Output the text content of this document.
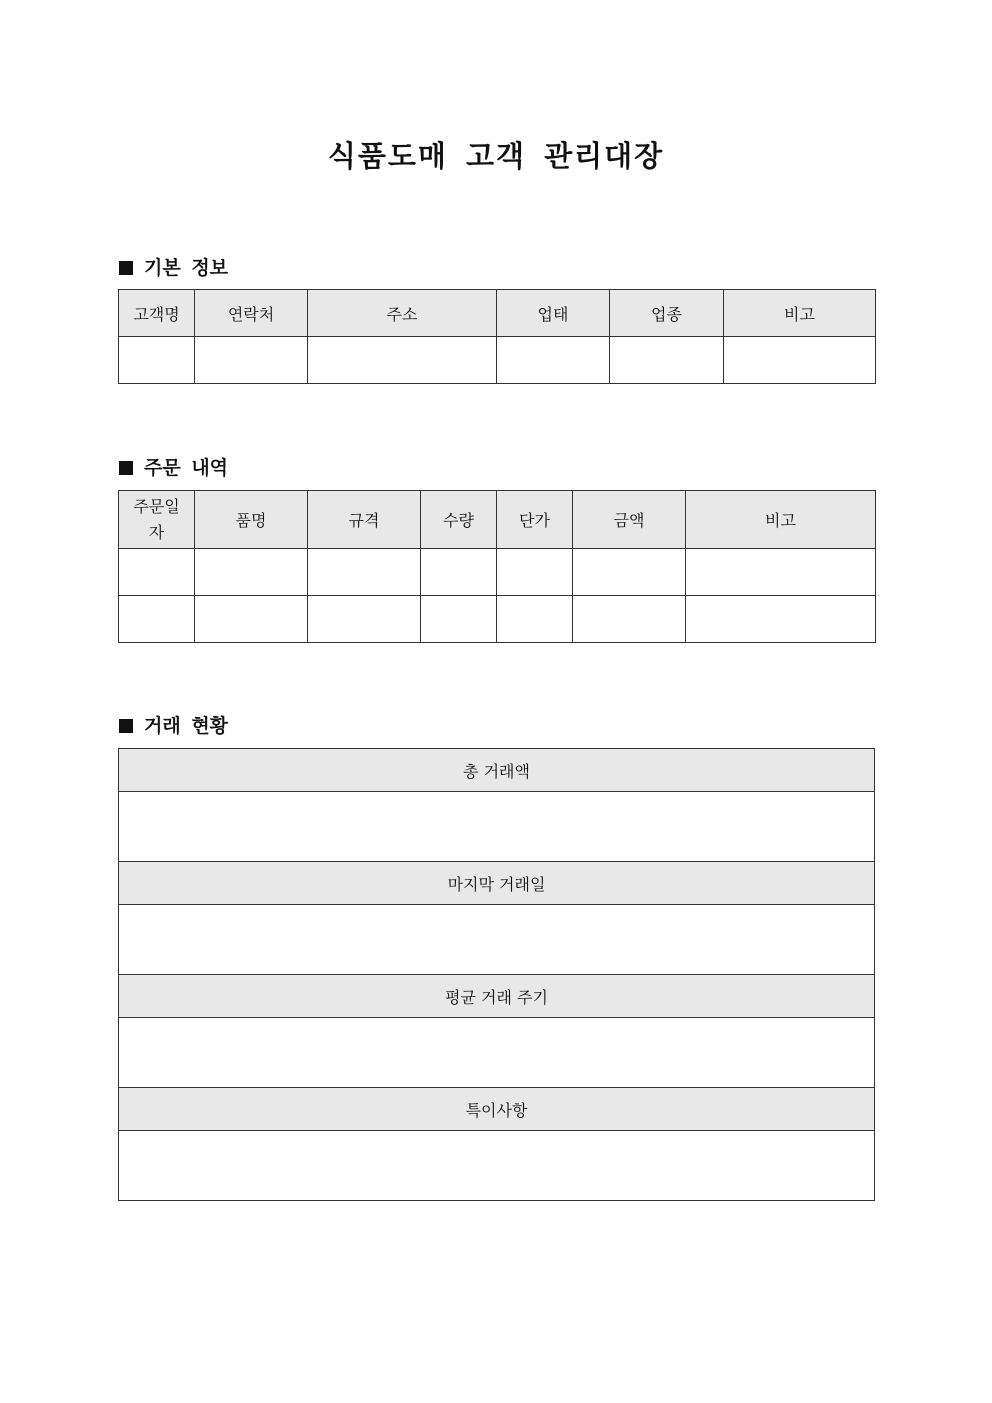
식품도매 고객 관리대장
기본 정보
고객명	연락처	주소	업태	업종	비고

주문 내역
주문일자	품명	규격	수량	단가	금액	비고

거래 현황
총 거래액

마지막 거래일

평균 거래 주기

특이사항
